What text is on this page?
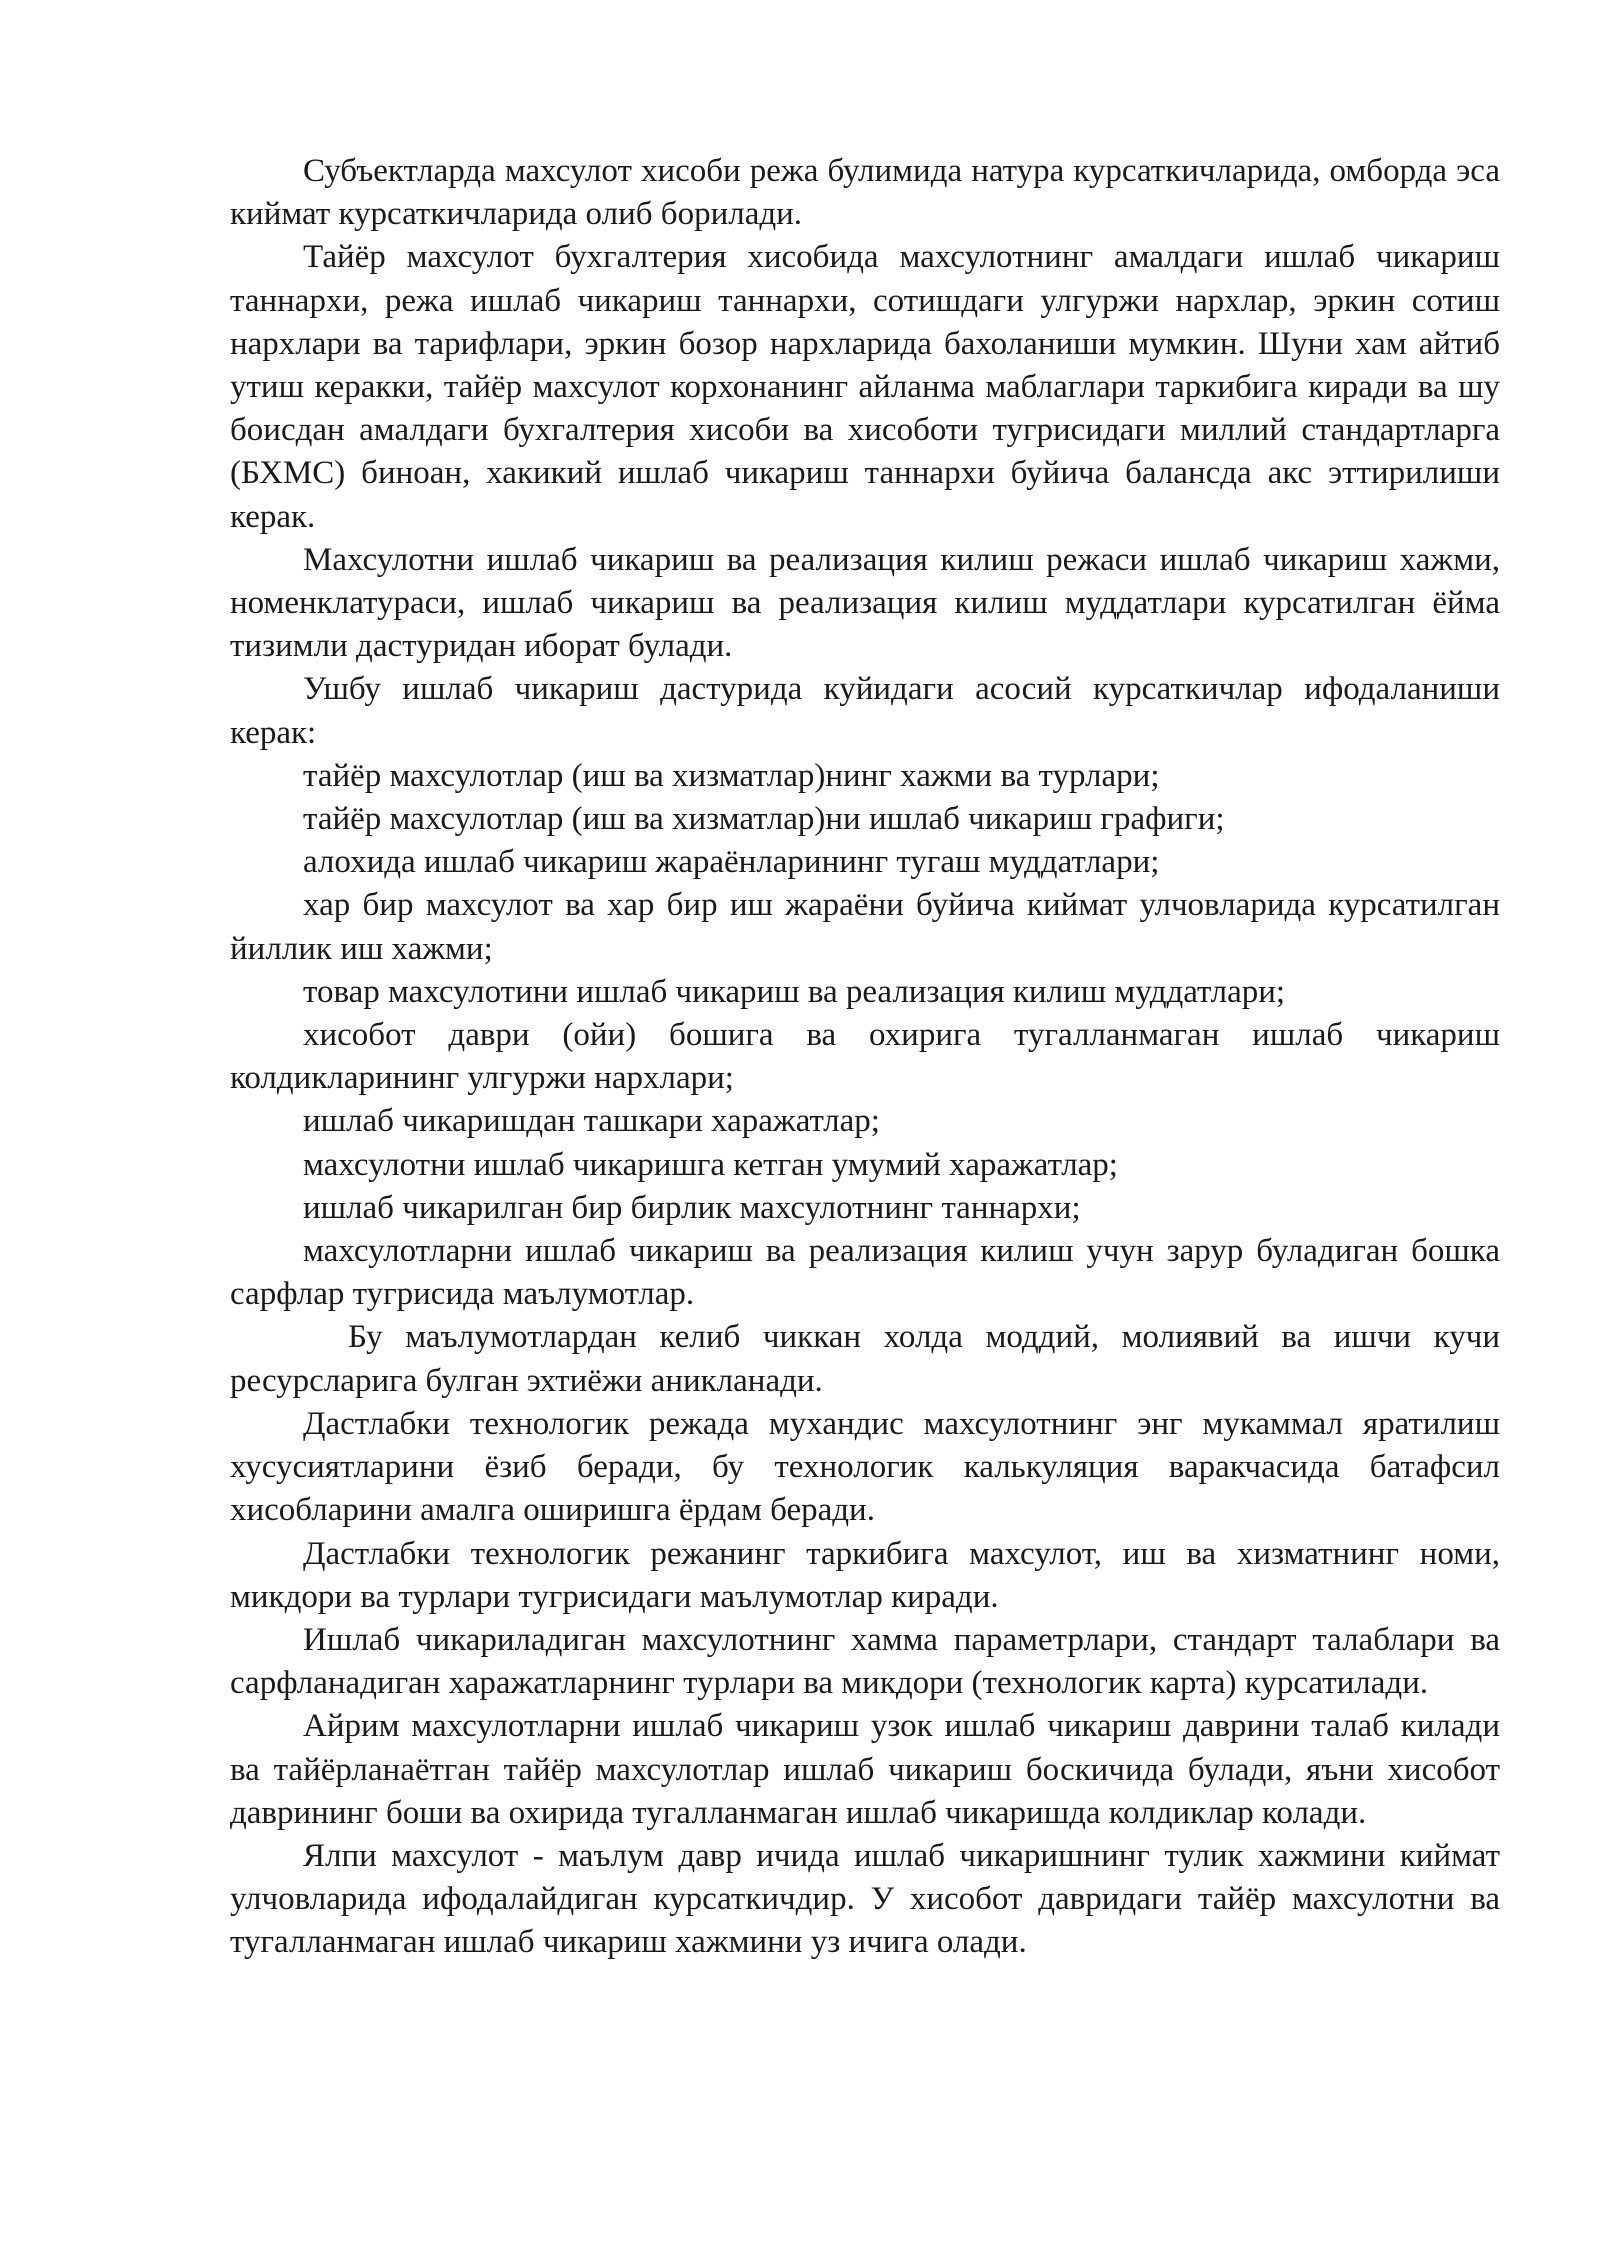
Субъектларда махсулот хисоби режа булимида натура курсаткичларида, омборда эса киймат курсаткичларида олиб борилади.

Тайёр махсулот бухгалтерия хисобида махсулотнинг амалдаги ишлаб чикариш таннархи, режа ишлаб чикариш таннархи, сотишдаги улгуржи нархлар, эркин сотиш нархлари ва тарифлари, эркин бозор нархларида бахоланиши мумкин. Шуни хам айтиб утиш керакки, тайёр махсулот корхонанинг айланма маблаглари таркибига киради ва шу боисдан амалдаги бухгалтерия хисоби ва хисоботи тугрисидаги миллий стандартларга (БХМС) биноан, хакикий ишлаб чикариш таннархи буйича балансда акс эттирилиши керак.

Махсулотни ишлаб чикариш ва реализация килиш режаси ишлаб чикариш хажми, номенклатураси, ишлаб чикариш ва реализация килиш муддатлари курсатилган ёйма тизимли дастуридан иборат булади.

Ушбу ишлаб чикариш дастурида куйидаги асосий курсаткичлар ифодаланиши керак:

тайёр махсулотлар (иш ва хизматлар)нинг хажми ва турлари;

тайёр махсулотлар (иш ва хизматлар)ни ишлаб чикариш графиги;

алохида ишлаб чикариш жараёнларининг тугаш муддатлари;

хар бир махсулот ва хар бир иш жараёни буйича киймат улчовларида курсатилган йиллик иш хажми;

товар махсулотини ишлаб чикариш ва реализация килиш муддатлари;

хисобот даври (ойи) бошига ва охирига тугалланмаган ишлаб чикариш колдикларининг улгуржи нархлари;

ишлаб чикаришдан ташкари харажатлар;

махсулотни ишлаб чикаришга кетган умумий харажатлар;

ишлаб чикарилган бир бирлик махсулотнинг таннархи;

махсулотларни ишлаб чикариш ва реализация килиш учун зарур буладиган бошка сарфлар тугрисида маълумотлар.

Бу маълумотлардан келиб чиккан холда моддий, молиявий ва ишчи кучи ресурсларига булган эхтиёжи аникланади.

Дастлабки технологик режада мухандис махсулотнинг энг мукаммал яратилиш хусусиятларини ёзиб беради, бу технологик калькуляция варакчасида батафсил хисобларини амалга оширишга ёрдам беради.

Дастлабки технологик режанинг таркибига махсулот, иш ва хизматнинг номи, микдори ва турлари тугрисидаги маълумотлар киради.

Ишлаб чикариладиган махсулотнинг хамма параметрлари, стандарт талаблари ва сарфланадиган харажатларнинг турлари ва микдори (технологик карта) курсатилади.

Айрим махсулотларни ишлаб чикариш узок ишлаб чикариш даврини талаб килади ва тайёрланаётган тайёр махсулотлар ишлаб чикариш боскичида булади, яъни хисобот даврининг боши ва охирида тугалланмаган ишлаб чикаришда колдиклар колади.

Ялпи махсулот - маълум давр ичида ишлаб чикаришнинг тулик хажмини киймат улчовларида ифодалайдиган курсаткичдир. У хисобот давридаги тайёр махсулотни ва тугалланмаган ишлаб чикариш хажмини уз ичига олади.
